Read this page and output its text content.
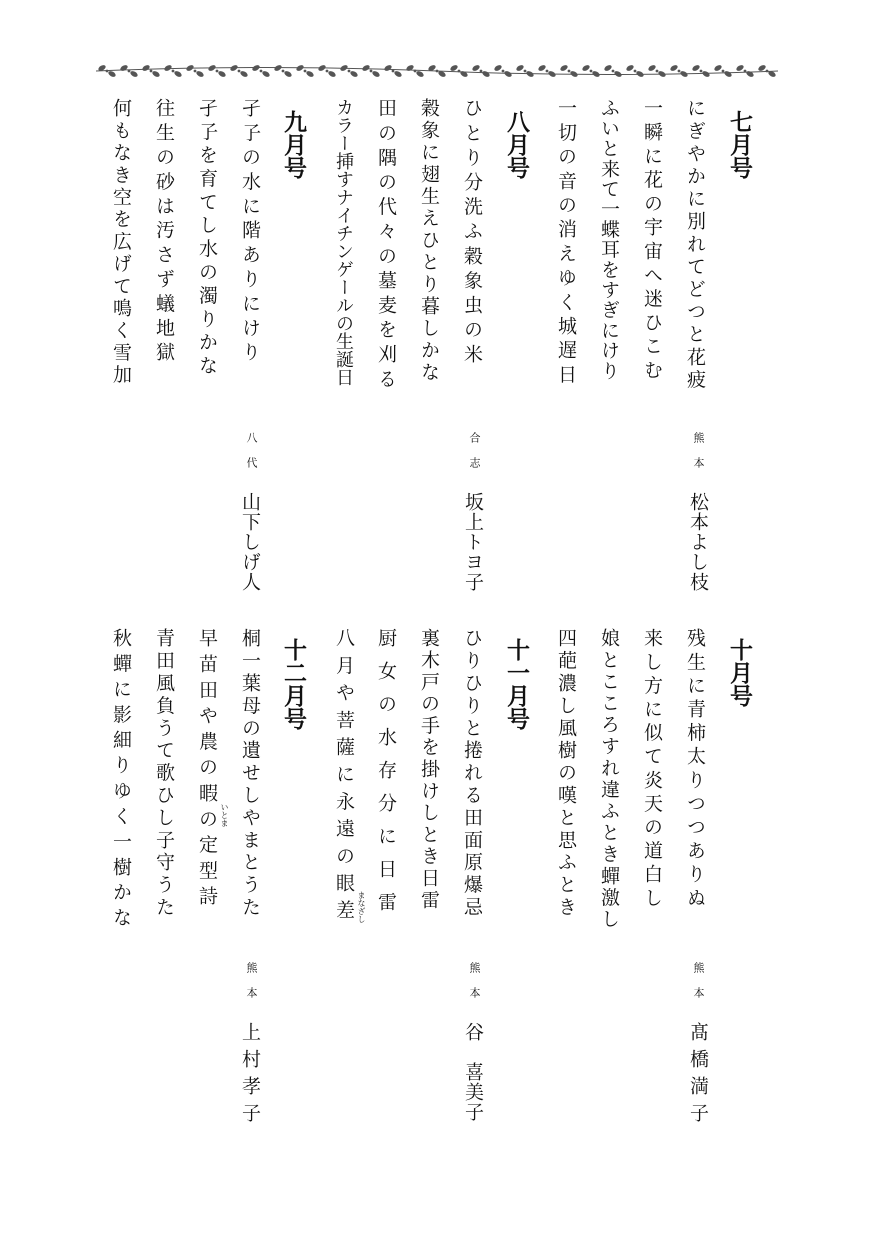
七月号
にぎやかに別れてどつと花疲
一瞬に花の宇宙へ迷ひこむ
ふいと来て一蝶耳をすぎにけり
一切の音の消えゆく城遅日
熊本
松本よし枝
八月号
ひとり分洗ふ穀象虫の米
穀象に翅生えひとり暮しかな
田の隅の代々の墓麦を刈る
カラー挿すナイチンゲールの生誕日
合志
坂上トヨ子
九月号
孑孒の水に階ありにけり
孑孒を育てし水の濁りかな
往生の砂は汚さず蟻地獄
何もなき空を広げて鳴く雪加
八代
山下しげ人
十月号
残生に青柿太りつつありぬ
来し方に似て炎天の道白し
娘とこころすれ違ふとき蟬激し
四葩濃し風樹の嘆と思ふとき
熊本
髙橋満子
十一月号
ひりひりと捲れる田面原爆忌
裏木戸の手を掛けしとき日雷
厨女の水存分に日雷
八月や菩薩に永遠の眼差 まなざし
熊本
谷　喜美子
十二月号
桐一葉母の遺せしやまとうた
早苗田や農の暇の定型詩 いとま
青田風負うて歌ひし子守うた
秋蟬に影細りゆく一樹かな
熊本
上村孝子
